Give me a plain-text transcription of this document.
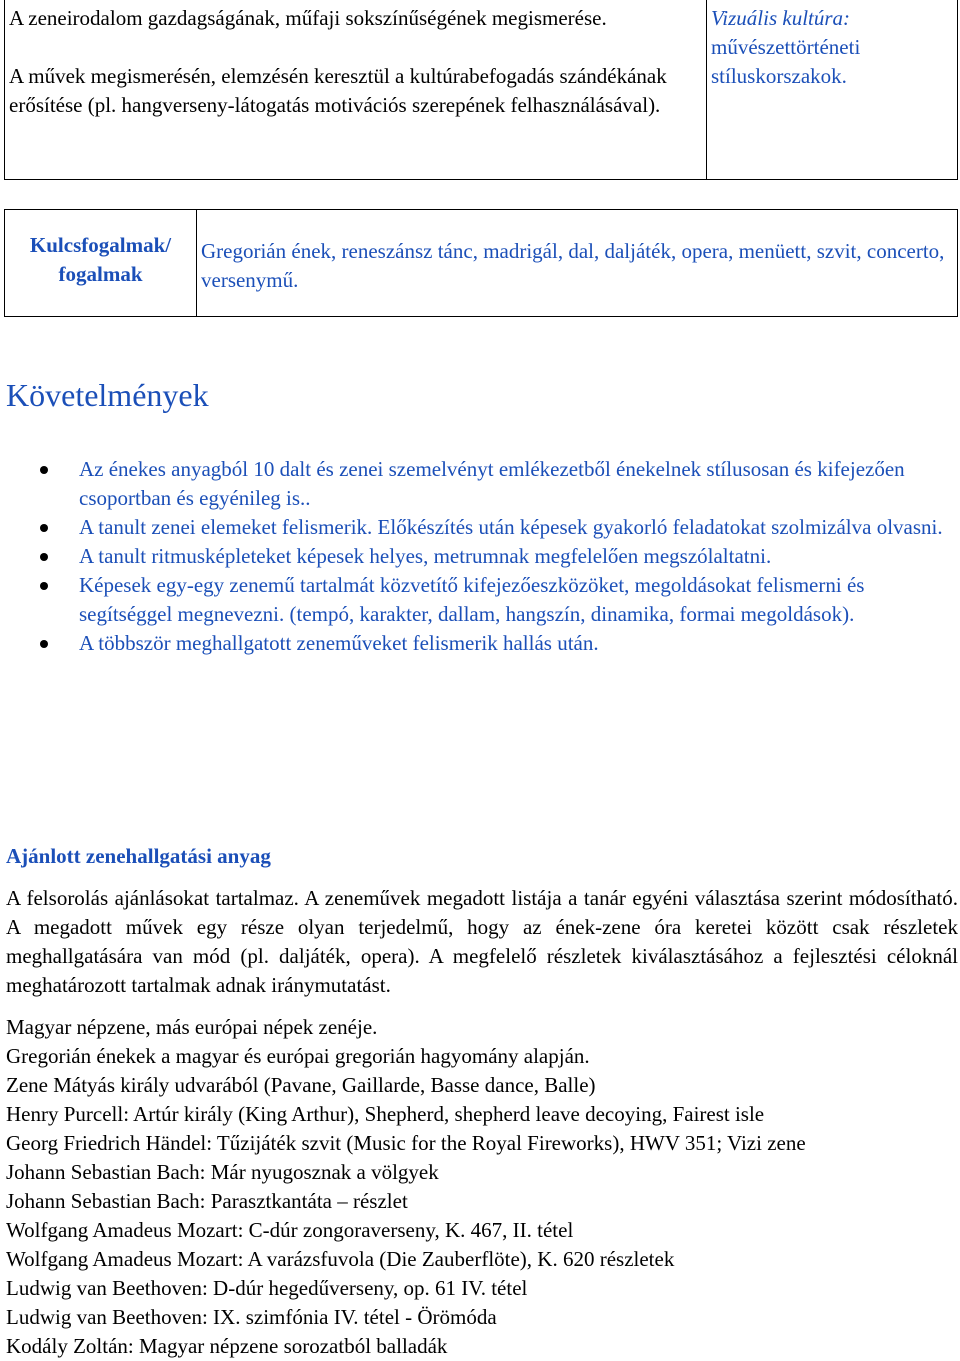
A zeneirodalom gazdagságának, műfaji sokszínűségének megismerése.

A művek megismerésén, elemzésén keresztül a kultúrabefogadás szándékának erősítése (pl. hangverseny-látogatás motivációs szerepének felhasználásával).

Vizuális kultúra:
művészettörténeti stíluskorszakok.
Kulcsfogalmak/
fogalmak
Gregorián ének, reneszánsz tánc, madrigál, dal, daljáték, opera, menüett, szvit, concerto, versenymű.
Követelmények
Az énekes anyagból 10 dalt és zenei szemelvényt emlékezetből énekelnek stílusosan és kifejezően csoportban és egyénileg is..
A tanult zenei elemeket felismerik. Előkészítés után képesek gyakorló feladatokat szolmizálva olvasni.
A tanult ritmusképleteket képesek helyes, metrumnak megfelelően megszólaltatni.
Képesek egy-egy zenemű tartalmát közvetítő kifejezőeszközöket, megoldásokat felismerni és segítséggel megnevezni. (tempó, karakter, dallam, hangszín, dinamika, formai megoldások).
A többször meghallgatott zeneműveket felismerik hallás után.
Ajánlott zenehallgatási anyag

A felsorolás ajánlásokat tartalmaz. A zeneművek megadott listája a tanár egyéni választása szerint módosítható. A megadott művek egy része olyan terjedelmű, hogy az ének-zene óra keretei között csak részletek meghallgatására van mód (pl. daljáték, opera). A megfelelő részletek kiválasztásához a fejlesztési céloknál meghatározott tartalmak adnak iránymutatást.

Magyar népzene, más európai népek zenéje.
Gregorián énekek a magyar és európai gregorián hagyomány alapján.
Zene Mátyás király udvarából (Pavane, Gaillarde, Basse dance, Balle)
Henry Purcell: Artúr király (King Arthur), Shepherd, shepherd leave decoying, Fairest isle
Georg Friedrich Händel: Tűzijáték szvit (Music for the Royal Fireworks), HWV 351; Vizi zene
Johann Sebastian Bach: Már nyugosznak a völgyek
Johann Sebastian Bach: Parasztkantáta – részlet
Wolfgang Amadeus Mozart: C-dúr zongoraverseny, K. 467, II. tétel
Wolfgang Amadeus Mozart: A varázsfuvola (Die Zauberflöte), K. 620 részletek
Ludwig van Beethoven: D-dúr hegedűverseny, op. 61 IV. tétel
Ludwig van Beethoven: IX. szimfónia IV. tétel - Örömóda
Kodály Zoltán: Magyar népzene sorozatból balladák
